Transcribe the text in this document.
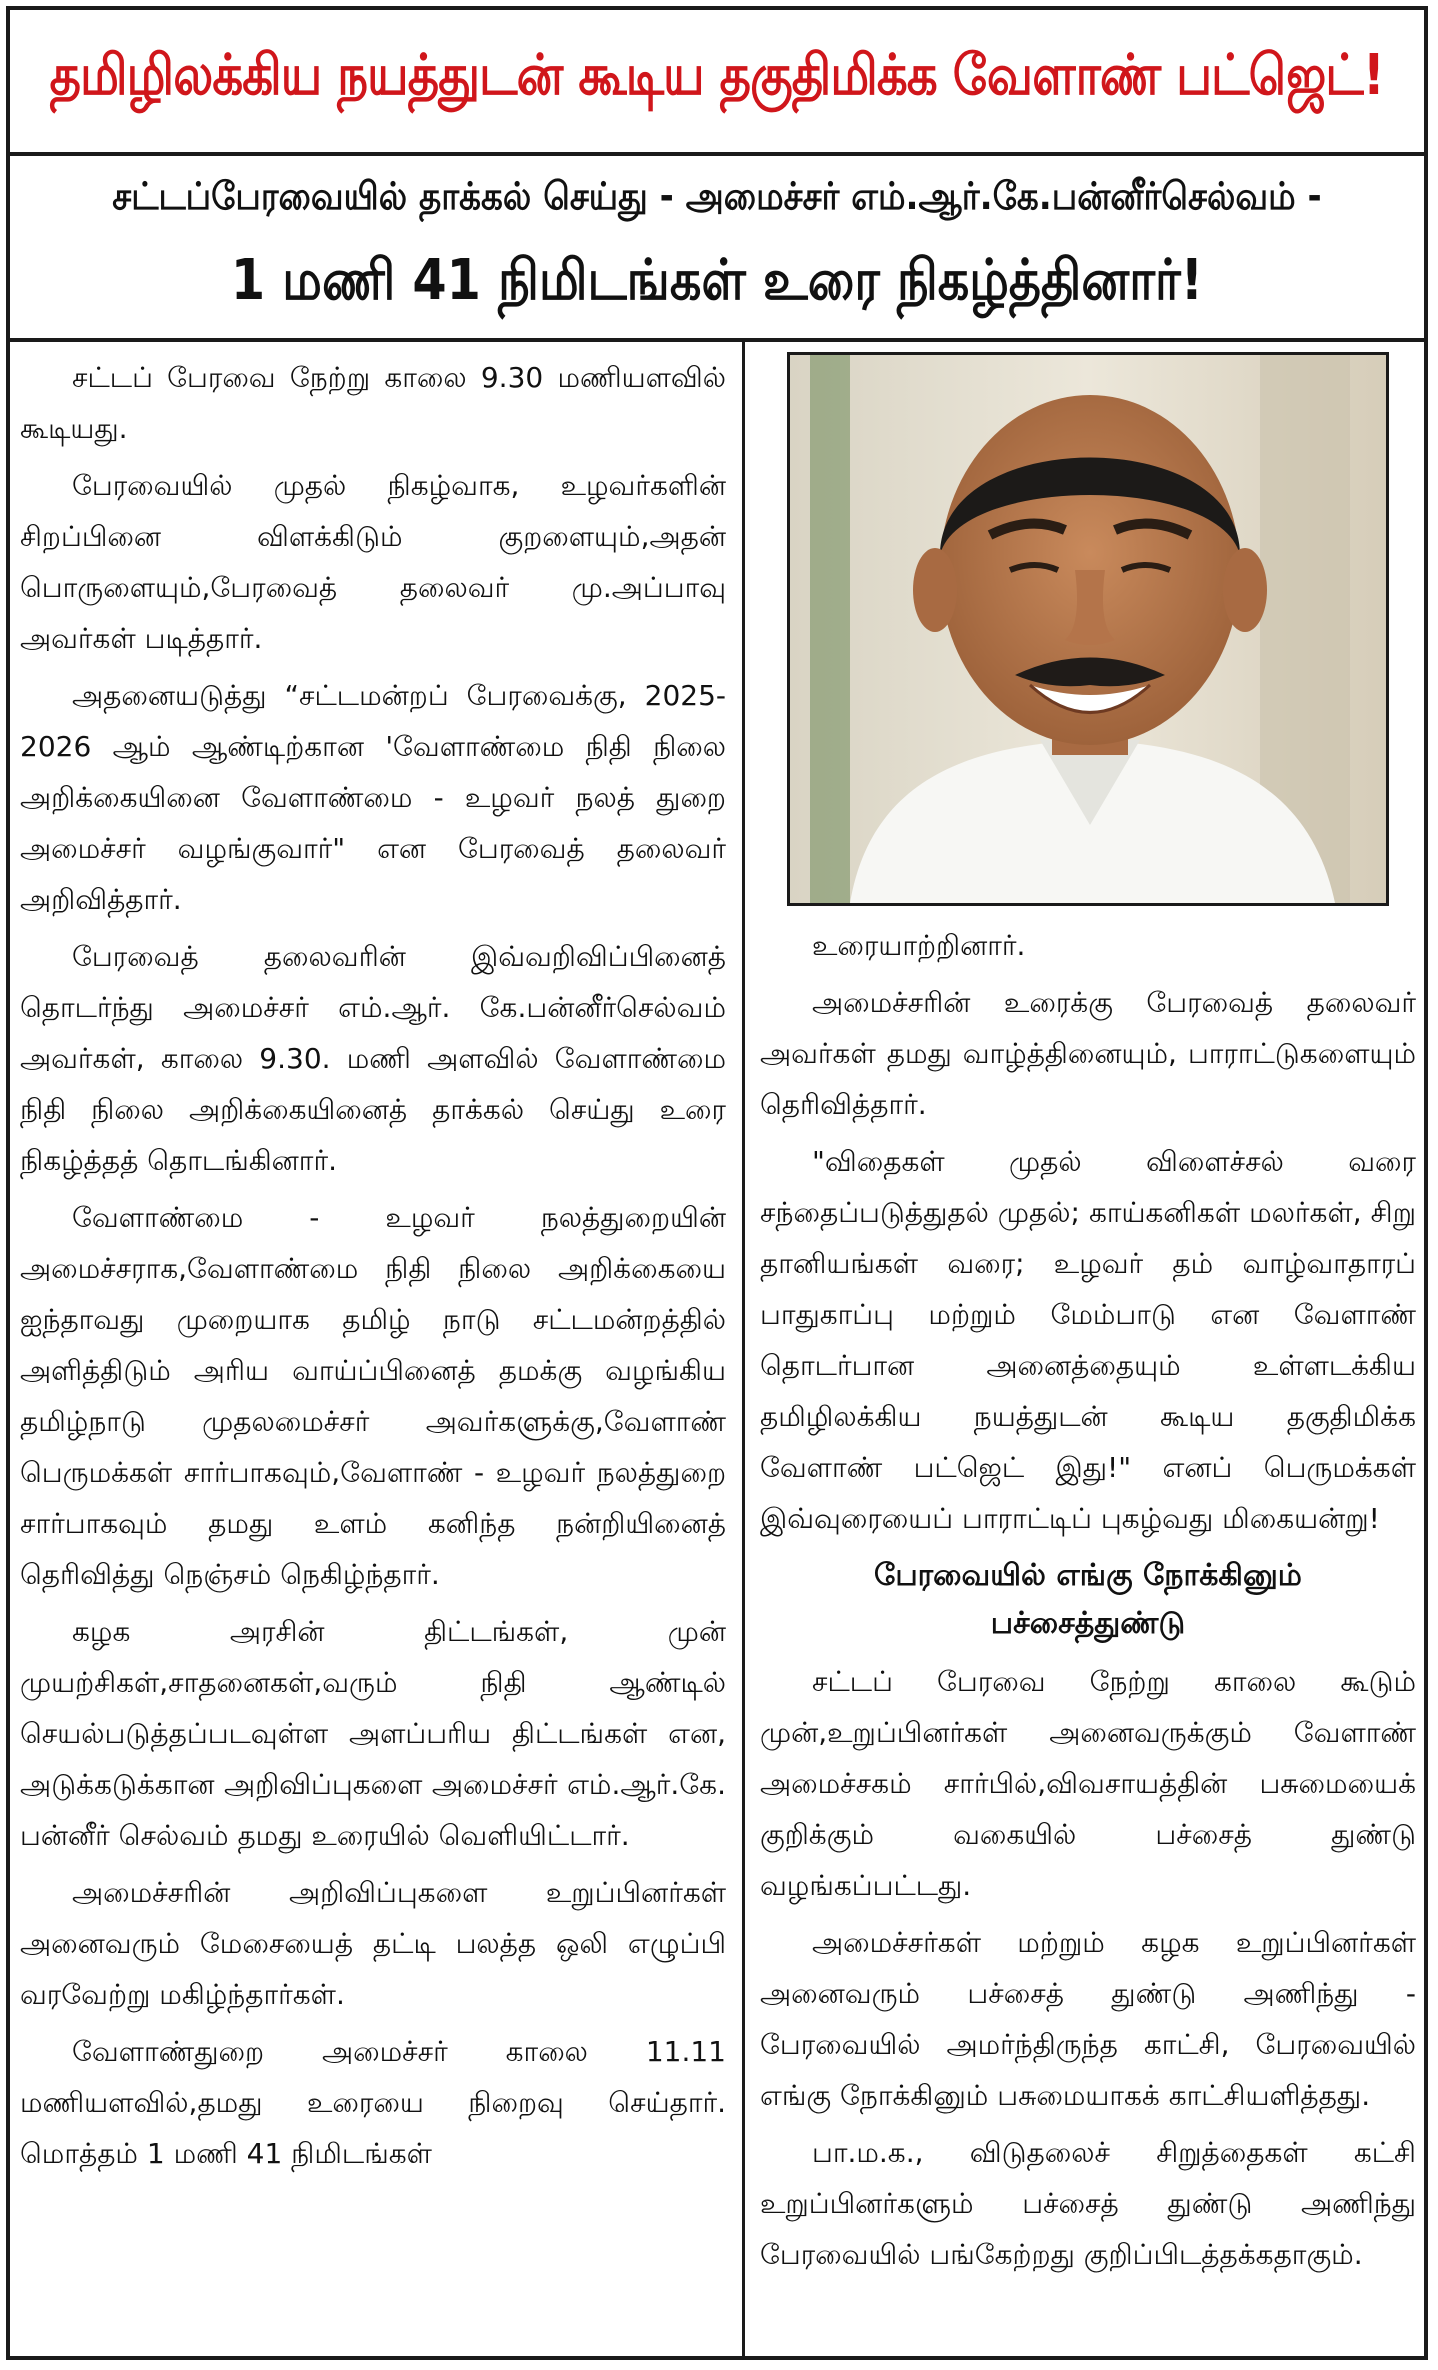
தமிழிலக்கிய நயத்துடன் கூடிய தகுதிமிக்க வேளாண் பட்ஜெட்!
சட்டப்பேரவையில் தாக்கல் செய்து - அமைச்சர் எம்.ஆர்.கே.பன்னீர்செல்வம் -
1 மணி 41 நிமிடங்கள் உரை நிகழ்த்தினார்!

சட்டப் பேரவை நேற்று காலை 9.30 மணியளவில் கூடியது.

பேரவையில் முதல் நிகழ்வாக, உழவர்களின் சிறப்பினை விளக்கிடும் குறளையும்,அதன் பொருளையும்,பேரவைத் தலைவர் மு.அப்பாவு அவர்கள் படித்தார்.

அதனையடுத்து “சட்டமன்றப் பேரவைக்கு, 2025-2026 ஆம் ஆண்டிற்கான 'வேளாண்மை நிதி நிலை அறிக்கையினை வேளாண்மை - உழவர் நலத் துறை அமைச்சர் வழங்குவார்" என பேரவைத் தலைவர் அறிவித்தார்.

பேரவைத் தலைவரின் இவ்வறிவிப்பினைத் தொடர்ந்து அமைச்சர் எம்.ஆர். கே.பன்னீர்செல்வம் அவர்கள், காலை 9.30. மணி அளவில் வேளாண்மை நிதி நிலை அறிக்கையினைத் தாக்கல் செய்து உரை நிகழ்த்தத் தொடங்கினார்.

வேளாண்மை - உழவர் நலத்துறையின் அமைச்சராக,வேளாண்மை நிதி நிலை அறிக்கையை ஐந்தாவது முறையாக தமிழ் நாடு சட்டமன்றத்தில் அளித்திடும் அரிய வாய்ப்பினைத் தமக்கு வழங்கிய தமிழ்நாடு முதலமைச்சர் அவர்களுக்கு,வேளாண் பெருமக்கள் சார்பாகவும்,வேளாண் - உழவர் நலத்துறை சார்பாகவும் தமது உளம் கனிந்த நன்றியினைத் தெரிவித்து நெஞ்சம் நெகிழ்ந்தார்.

கழக அரசின் திட்டங்கள், முன் முயற்சிகள்,சாதனைகள்,வரும் நிதி ஆண்டில் செயல்படுத்தப்படவுள்ள அளப்பரிய திட்டங்கள் என, அடுக்கடுக்கான அறிவிப்புகளை அமைச்சர் எம்.ஆர்.கே. பன்னீர் செல்வம் தமது உரையில் வெளியிட்டார்.

அமைச்சரின் அறிவிப்புகளை உறுப்பினர்கள் அனைவரும் மேசையைத் தட்டி பலத்த ஒலி எழுப்பி வரவேற்று மகிழ்ந்தார்கள்.

வேளாண்துறை அமைச்சர் காலை 11.11 மணியளவில்,தமது உரையை நிறைவு செய்தார். மொத்தம் 1 மணி 41 நிமிடங்கள்

உரையாற்றினார்.

அமைச்சரின் உரைக்கு பேரவைத் தலைவர் அவர்கள் தமது வாழ்த்தினையும், பாராட்டுகளையும் தெரிவித்தார்.

"விதைகள் முதல் விளைச்சல் வரை சந்தைப்படுத்துதல் முதல்; காய்கனிகள் மலர்கள், சிறு தானியங்கள் வரை; உழவர் தம் வாழ்வாதாரப் பாதுகாப்பு மற்றும் மேம்பாடு என வேளாண் தொடர்பான அனைத்தையும் உள்ளடக்கிய தமிழிலக்கிய நயத்துடன் கூடிய தகுதிமிக்க வேளாண் பட்ஜெட் இது!" எனப் பெருமக்கள் இவ்வுரையைப் பாராட்டிப் புகழ்வது மிகையன்று!

பேரவையில் எங்கு நோக்கினும்
பச்சைத்துண்டு

சட்டப் பேரவை நேற்று காலை கூடும் முன்,உறுப்பினர்கள் அனைவருக்கும் வேளாண் அமைச்சகம் சார்பில்,விவசாயத்தின் பசுமையைக் குறிக்கும் வகையில் பச்சைத் துண்டு வழங்கப்பட்டது.

அமைச்சர்கள் மற்றும் கழக உறுப்பினர்கள் அனைவரும் பச்சைத் துண்டு அணிந்து - பேரவையில் அமர்ந்திருந்த காட்சி, பேரவையில் எங்கு நோக்கினும் பசுமையாகக் காட்சியளித்தது.

பா.ம.க., விடுதலைச் சிறுத்தைகள் கட்சி உறுப்பினர்களும் பச்சைத் துண்டு அணிந்து பேரவையில் பங்கேற்றது குறிப்பிடத்தக்கதாகும்.
